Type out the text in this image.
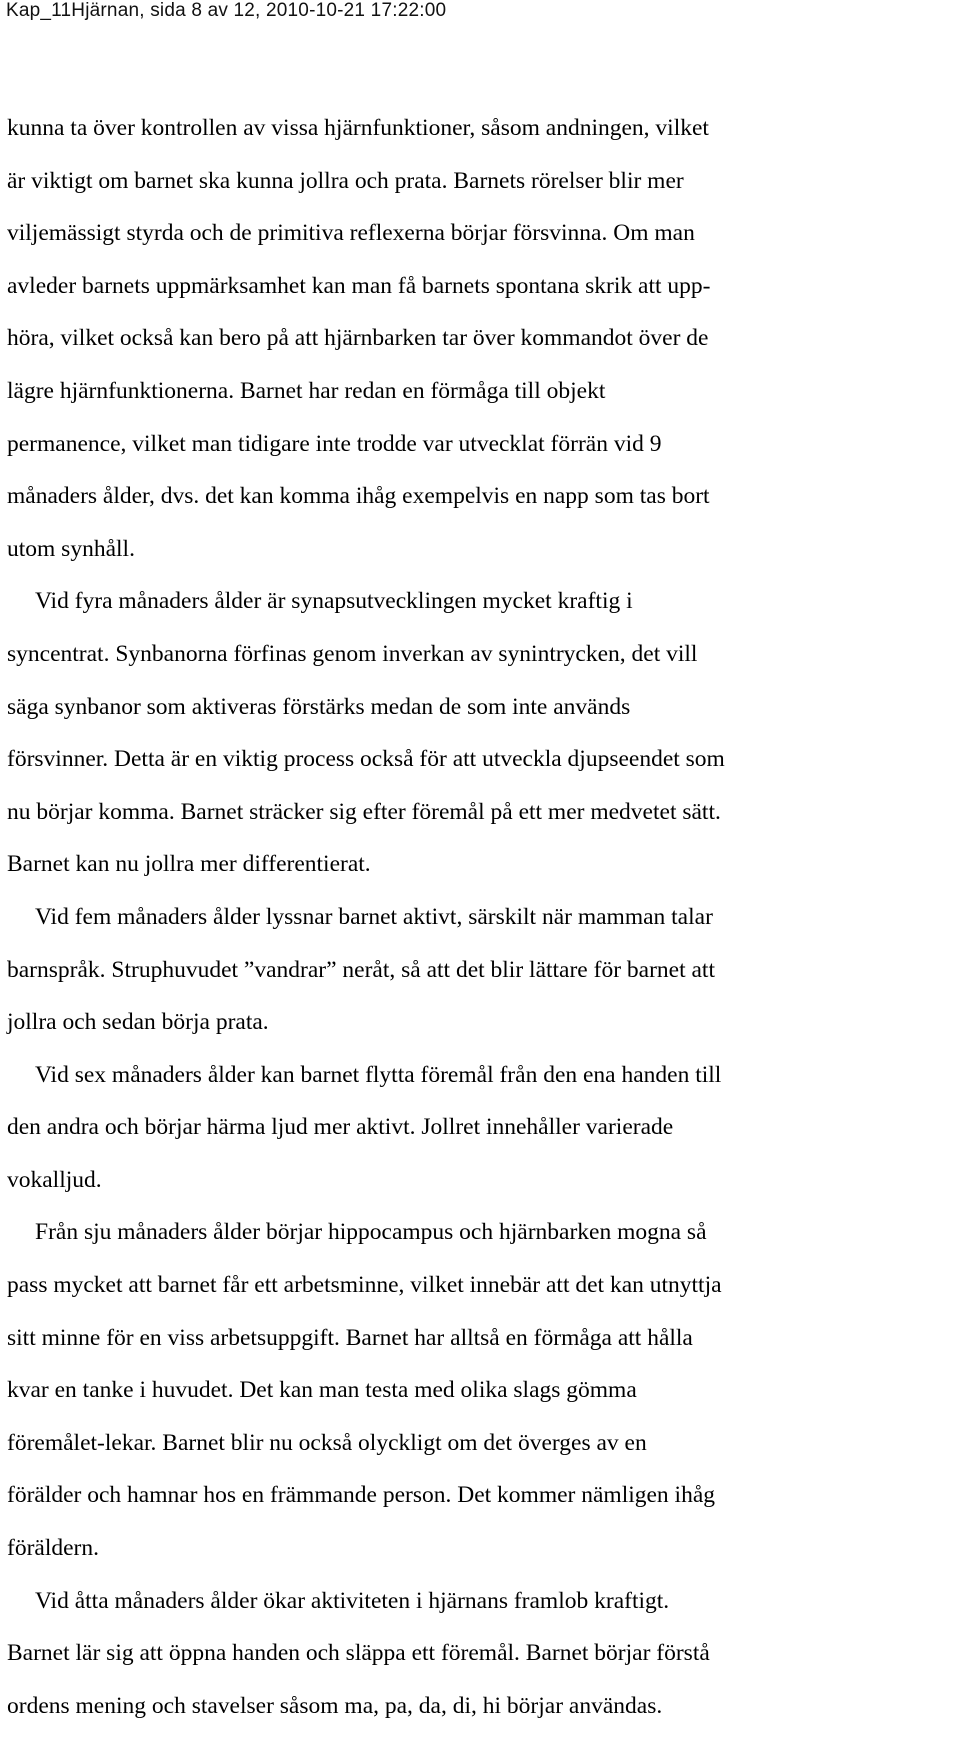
Kap_11Hjärnan, sida 8 av 12, 2010-10-21 17:22:00
kunna ta över kontrollen av vissa hjärnfunktioner, såsom andningen, vilket
är viktigt om barnet ska kunna jollra och prata. Barnets rörelser blir mer
viljemässigt styrda och de primitiva reflexerna börjar försvinna. Om man
avleder barnets uppmärksamhet kan man få barnets spontana skrik att upp-
höra, vilket också kan bero på att hjärnbarken tar över kommandot över de
lägre hjärnfunktionerna. Barnet har redan en förmåga till objekt
permanence, vilket man tidigare inte trodde var utvecklat förrän vid 9
månaders ålder, dvs. det kan komma ihåg exempelvis en napp som tas bort
utom synhåll.
Vid fyra månaders ålder är synapsutvecklingen mycket kraftig i
syncentrat. Synbanorna förfinas genom inverkan av synintrycken, det vill
säga synbanor som aktiveras förstärks medan de som inte används
försvinner. Detta är en viktig process också för att utveckla djupseendet som
nu börjar komma. Barnet sträcker sig efter föremål på ett mer medvetet sätt.
Barnet kan nu jollra mer differentierat.
Vid fem månaders ålder lyssnar barnet aktivt, särskilt när mamman talar
barnspråk. Struphuvudet ”vandrar” neråt, så att det blir lättare för barnet att
jollra och sedan börja prata.
Vid sex månaders ålder kan barnet flytta föremål från den ena handen till
den andra och börjar härma ljud mer aktivt. Jollret innehåller varierade
vokalljud.
Från sju månaders ålder börjar hippocampus och hjärnbarken mogna så
pass mycket att barnet får ett arbetsminne, vilket innebär att det kan utnyttja
sitt minne för en viss arbetsuppgift. Barnet har alltså en förmåga att hålla
kvar en tanke i huvudet. Det kan man testa med olika slags gömma
föremålet-lekar. Barnet blir nu också olyckligt om det överges av en
förälder och hamnar hos en främmande person. Det kommer nämligen ihåg
föräldern.
Vid åtta månaders ålder ökar aktiviteten i hjärnans framlob kraftigt.
Barnet lär sig att öppna handen och släppa ett föremål. Barnet börjar förstå
ordens mening och stavelser såsom ma, pa, da, di, hi börjar användas.
